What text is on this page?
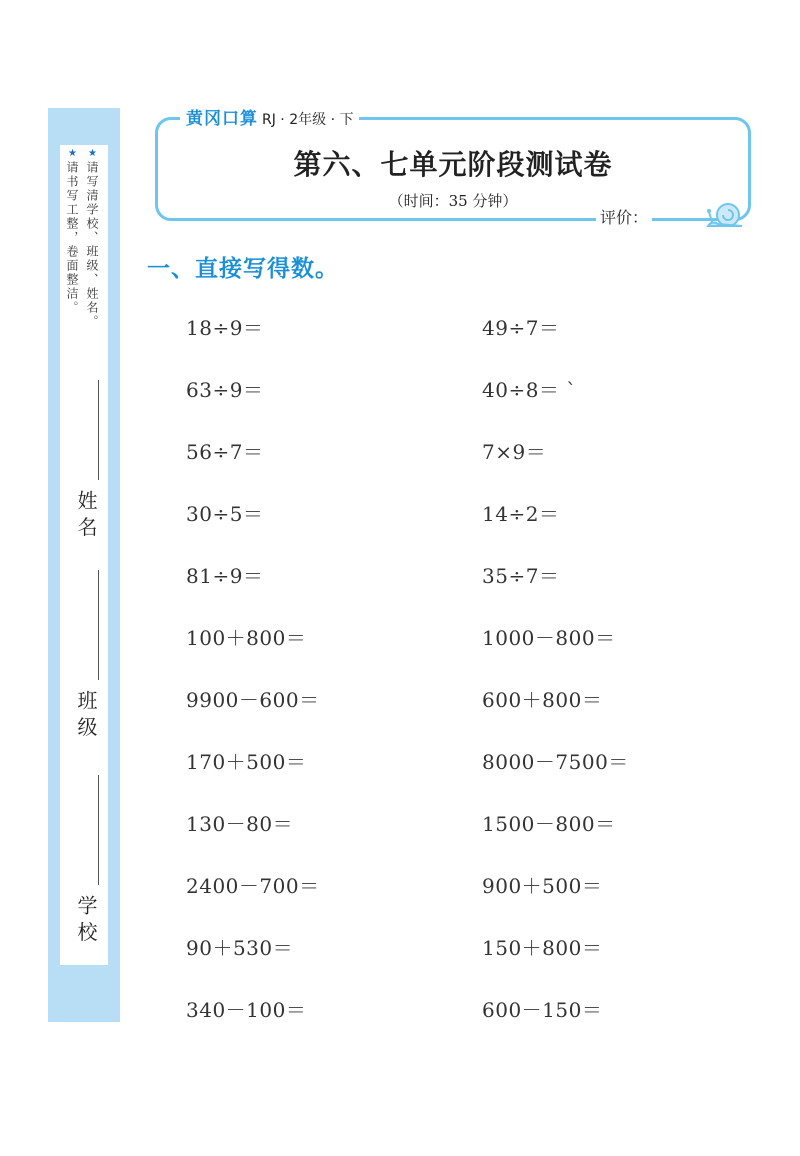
★请写清学校、班级、姓名。
★请书写工整，卷面整洁。
姓 名
班 级
学 校
黄冈口算 RJ · 2年级 · 下
第六、七单元阶段测试卷
（时间：35 分钟）
评价：
一、直接写得数。
18÷9＝
63÷9＝
56÷7＝
30÷5＝
81÷9＝
100＋800＝
9900－600＝
170＋500＝
130－80＝
2400－700＝
90＋530＝
340－100＝
49÷7＝
40÷8＝ `
7×9＝
14÷2＝
35÷7＝
1000－800＝
600＋800＝
8000－7500＝
1500－800＝
900＋500＝
150＋800＝
600－150＝
